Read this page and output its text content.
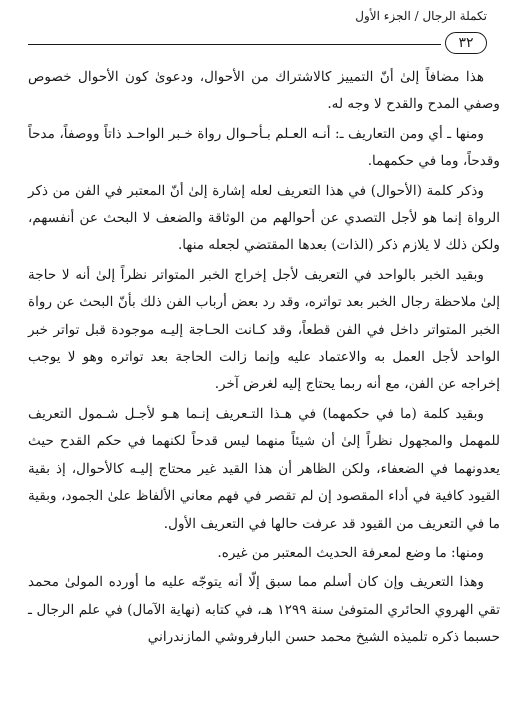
تكملة الرجال / الجزء الأول
٣٢

هذا مضافاً إلىٰ أنّ التمييز كالاشتراك من الأحوال، ودعوىٰ كون الأحوال خصوص وصفي المدح والقدح لا وجه له.

ومنها ـ أي ومن التعاريف ـ: أنـه العـلم بـأحـوال رواة خـبر الواحـد ذاتاً ووصفاً، مدحاً وقدحاً، وما في حكمهما.

وذكر كلمة (الأحوال) في هذا التعريف لعله إشارة إلىٰ أنّ المعتبر في الفن من ذكر الرواة إنما هو لأجل التصدي عن أحوالهم من الوثاقة والضعف لا البحث عن أنفسهم، ولكن ذلك لا يلازم ذكر (الذات) بعدها المقتضي لجعله منها.

وبقيد الخبر بالواحد في التعريف لأجل إخراج الخبر المتواتر نظراً إلىٰ أنه لا حاجة إلىٰ ملاحظة رجال الخبر بعد تواتره، وقد رد بعض أرباب الفن ذلك بأنّ البحث عن رواة الخبر المتواتر داخل في الفن قطعاً، وقد كـانت الحـاجة إليـه موجودة قبل تواتر خبر الواحد لأجل العمل به والاعتماد عليه وإنما زالت الحاجة بعد تواتره وهو لا يوجب إخراجه عن الفن، مع أنه ربما يحتاج إليه لغرض آخر.

وبقيد كلمة (ما في حكمهما) في هـذا التـعريف إنـما هـو لأجـل شـمول التعريف للمهمل والمجهول نظراً إلىٰ أن شيئاً منهما ليس قدحاً لكنهما في حكم القدح حيث يعدونهما في الضعفاء، ولكن الظاهر أن هذا القيد غير محتاج إليـه كالأحوال، إذ بقية القيود كافية في أداء المقصود إن لم تقصر في فهم معاني الألفاظ علىٰ الجمود، وبقية ما في التعريف من القيود قد عرفت حالها في التعريف الأول.

ومنها: ما وضع لمعرفة الحديث المعتبر من غيره.

وهذا التعريف وإن كان أسلم مما سبق إلّا أنه يتوجّه عليه ما أورده المولىٰ محمد تقي الهروي الحائري المتوفىٰ سنة ١٢٩٩ هـ، في كتابه (نهاية الآمال) في علم الرجال ـ حسبما ذكره تلميذه الشيخ محمد حسن البارفروشي المازندراني
